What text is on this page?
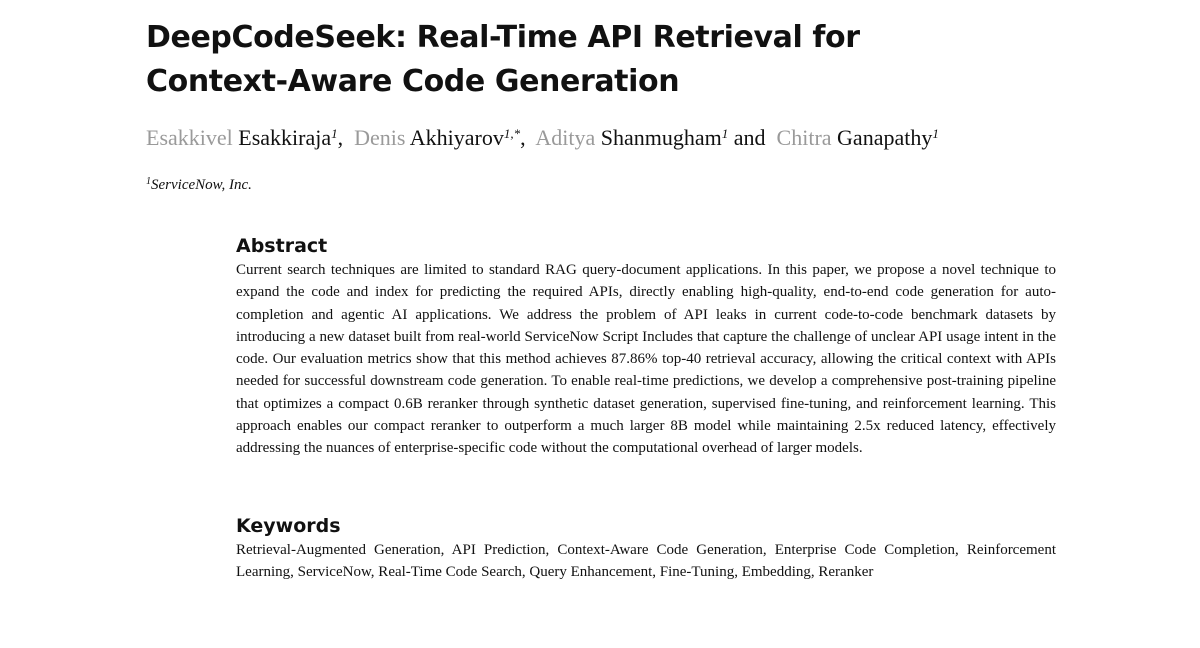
DeepCodeSeek: Real-Time API Retrieval for
Context-Aware Code Generation
Esakkivel Esakkiraja$^1$, Denis Akhiyarov$^{1,*}$, Aditya Shanmugham$^1$ and Chitra Ganapathy$^1$
$^1$ServiceNow, Inc.
Abstract

Current search techniques are limited to standard RAG query-document applications. In this paper, we propose a novel technique to expand the code and index for predicting the required APIs, directly enabling high-quality, end-to-end code generation for auto-completion and agentic AI applications. We address the problem of API leaks in current code-to-code benchmark datasets by introducing a new dataset built from real-world ServiceNow Script Includes that capture the challenge of unclear API usage intent in the code. Our evaluation metrics show that this method achieves 87.86% top-40 retrieval accuracy, allowing the critical context with APIs needed for successful downstream code generation. To enable real-time predictions, we develop a comprehensive post-training pipeline that optimizes a compact 0.6B reranker through synthetic dataset generation, supervised fine-tuning, and reinforcement learning. This approach enables our compact reranker to outperform a much larger 8B model while maintaining 2.5x reduced latency, effectively addressing the nuances of enterprise-specific code without the computational overhead of larger models.

Keywords

Retrieval-Augmented Generation, API Prediction, Context-Aware Code Generation, Enterprise Code Completion, Reinforcement Learning, ServiceNow, Real-Time Code Search, Query Enhancement, Fine-Tuning, Embedding, Reranker
